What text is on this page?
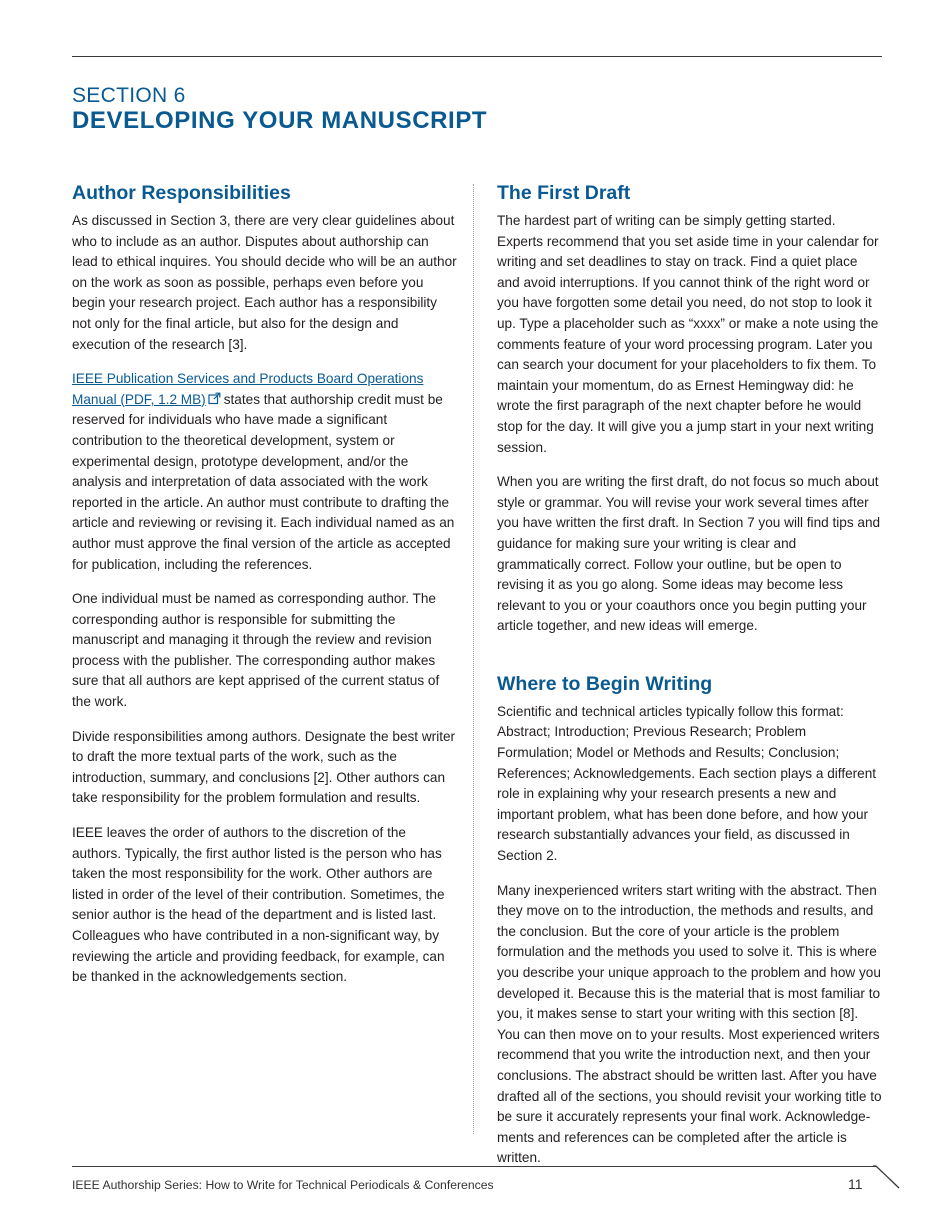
SECTION 6
DEVELOPING YOUR MANUSCRIPT
Author Responsibilities

As discussed in Section 3, there are very clear guidelines about who to include as an author. Disputes about authorship can lead to ethical inquires. You should decide who will be an author on the work as soon as possible, perhaps even before you begin your research project. Each author has a responsibility not only for the final article, but also for the design and execution of the research [3].

IEEE Publication Services and Products Board Operations Manual (PDF, 1.2 MB) states that authorship credit must be reserved for individuals who have made a significant contribution to the theoretical development, system or experimental design, prototype development, and/or the analysis and interpretation of data associated with the work reported in the article. An author must contribute to drafting the article and reviewing or revising it. Each individual named as an author must approve the final version of the article as accepted for publication, including the references.

One individual must be named as corresponding author. The corresponding author is responsible for submitting the manuscript and managing it through the review and revision process with the publisher. The corresponding author makes sure that all authors are kept apprised of the current status of the work.

Divide responsibilities among authors. Designate the best writer to draft the more textual parts of the work, such as the introduction, summary, and conclusions [2]. Other authors can take responsibility for the problem formulation and results.

IEEE leaves the order of authors to the discretion of the authors. Typically, the first author listed is the person who has taken the most responsibility for the work. Other authors are listed in order of the level of their contribution. Sometimes, the senior author is the head of the department and is listed last. Colleagues who have contributed in a non-significant way, by reviewing the article and providing feedback, for example, can be thanked in the acknowledgements section.

The First Draft

The hardest part of writing can be simply getting started. Experts recommend that you set aside time in your calendar for writing and set deadlines to stay on track. Find a quiet place and avoid interruptions. If you cannot think of the right word or you have forgotten some detail you need, do not stop to look it up. Type a placeholder such as “xxxx” or make a note using the comments feature of your word processing program. Later you can search your document for your placeholders to fix them. To maintain your momentum, do as Ernest Hemingway did: he wrote the first paragraph of the next chapter before he would stop for the day. It will give you a jump start in your next writing session.

When you are writing the first draft, do not focus so much about style or grammar. You will revise your work several times after you have written the first draft. In Section 7 you will find tips and guidance for making sure your writing is clear and grammatically correct. Follow your outline, but be open to revising it as you go along. Some ideas may become less relevant to you or your coauthors once you begin putting your article together, and new ideas will emerge.

Where to Begin Writing

Scientific and technical articles typically follow this format: Abstract; Introduction; Previous Research; Problem Formulation; Model or Methods and Results; Conclusion; References; Acknowledgements. Each section plays a different role in explaining why your research presents a new and important problem, what has been done before, and how your research substantially advances your field, as discussed in Section 2.

Many inexperienced writers start writing with the abstract. Then they move on to the introduction, the methods and results, and the conclusion. But the core of your article is the problem formulation and the methods you used to solve it. This is where you describe your unique approach to the problem and how you developed it. Because this is the material that is most familiar to you, it makes sense to start your writing with this section [8]. You can then move on to your results. Most experienced writers recommend that you write the introduction next, and then your conclusions. The abstract should be written last. After you have drafted all of the sections, you should revisit your working title to be sure it accurately represents your final work. Acknowledge-ments and references can be completed after the article is written.

IEEE Authorship Series: How to Write for Technical Periodicals & Conferences	11
